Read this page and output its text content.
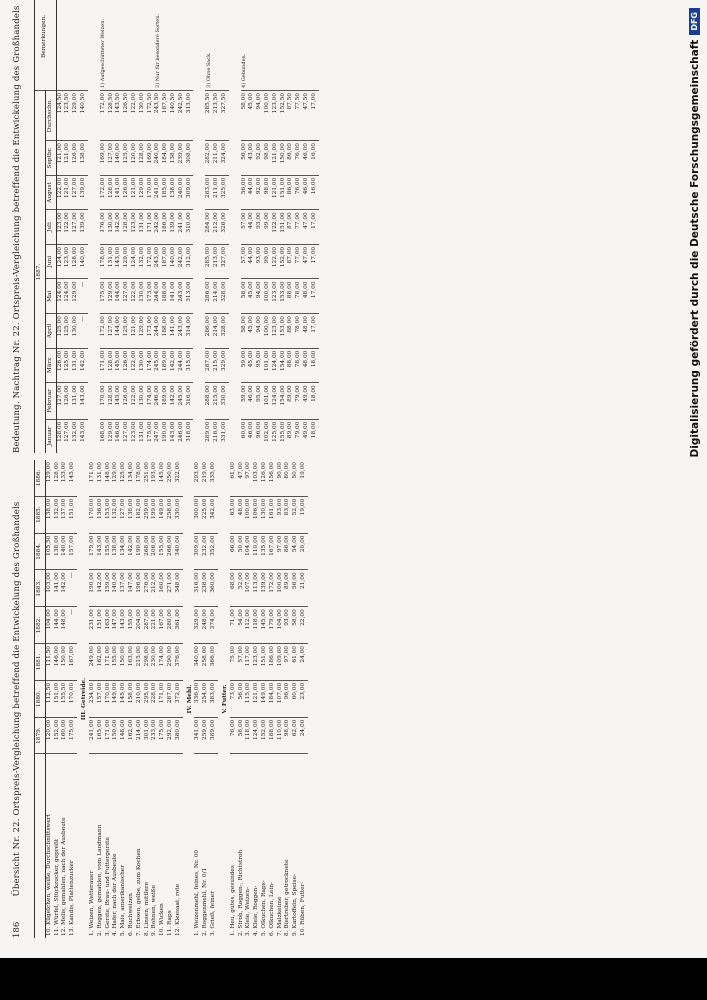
186
Übersicht Nr. 22. Ortspreis-Vergleichung betreffend die Entwickelung des Großhandels
	1879.	1880.	1881.	1882.	1883.	1884.	1885.	1886.
10. Kügelchen, weiße, Durchschnittswert	120,00	112,50	111,50	104,00	103,00	105,50	138,00	129,00
11. Würfel, Stückzucker, gepreßt	152,00	151,00	146,00	144,00	141,00	138,00	132,00	128,00
12. Melis, gemahlen, nach der Ausbeute	160,00	155,50	150,00	148,00	142,00	140,00	137,00	133,00
13. Kandis, Plattenzucker	175,00	170,00	167,00	—	—	157,00	151,00	145,00
III. Getreide.								
1. Weizen, Wetterauer	241,00	234,00	249,00	231,00	190,00	179,00	170,00	171,00
2. Roggen, gemahlen, vom Landmann	165,00	157,00	162,00	151,00	142,00	143,00	136,00	131,00
3. Gerste, Brau- und Futtergerste	171,00	170,00	171,00	163,00	159,00	155,00	153,00	148,00
4. Hafer, nach der Ausbeute	150,00	149,00	155,00	147,00	140,00	138,00	132,00	129,00
5. Mais, amerikanischer	148,00	145,00	150,00	143,00	137,00	134,00	127,00	125,00
6. Buchweizen	162,00	158,00	163,00	155,00	147,00	142,00	138,00	134,00
7. Erbsen, gelbe, zum Kochen	214,00	210,00	215,00	204,00	196,00	190,00	182,00	178,00
8. Linsen, mittlere	301,00	295,00	298,00	287,00	276,00	268,00	259,00	251,00
9. Bohnen, weiße	233,00	228,00	230,00	221,00	212,00	206,00	199,00	193,00
10. Wicken	175,00	171,00	174,00	167,00	160,00	155,00	149,00	145,00
11. Raps	292,00	287,00	290,00	280,00	271,00	266,00	258,00	250,00
12. Kleesaat, rote	380,00	372,00	376,00	361,00	348,00	340,00	330,00	322,00
IV. Mehl.								
1. Weizenmehl, feines, Nr. 00	341,00	336,00	340,00	329,00	316,00	309,00	300,00	293,00
2. Roggenmehl, Nr. 0/1	259,00	254,00	258,00	248,00	238,00	232,00	225,00	219,00
3. Grieß, feiner	389,00	383,00	386,00	374,00	360,00	352,00	342,00	335,00
V. Futter.								
1. Heu, gutes, gesundes	76,00	73,00	75,00	71,00	68,00	66,00	63,00	61,00
2. Stroh, Roggen-, Richtstroh	58,00	56,00	57,00	54,00	52,00	50,00	48,00	47,00
3. Kleie, Weizen-	118,00	115,00	117,00	112,00	107,00	104,00	100,00	97,00
4. Kleie, Roggen-	124,00	121,00	123,00	118,00	113,00	110,00	106,00	103,00
5. Ölkuchen, Raps-	152,00	149,00	151,00	145,00	139,00	135,00	130,00	126,00
6. Ölkuchen, Lein-	188,00	184,00	186,00	179,00	172,00	167,00	161,00	156,00
7. Malzkeime	110,00	107,00	109,00	104,00	100,00	97,00	93,00	90,00
8. Biertreber, getrocknete	98,00	96,00	97,00	93,00	89,00	86,00	83,00	80,00
9. Kartoffeln, Speise-	62,00	60,00	61,00	58,00	56,00	54,00	52,00	50,00
10. Rüben, Futter-	24,00	23,00	24,00	22,00	21,00	20,00	19,00	19,00
Bedeutung. Nachtrag Nr. 22. Ortspreis-Vergleichung betreffend die Entwickelung des Großhandels 1887.										Bemerkungen.
Januar	Februar	März	April	Mai	Juni	Juli	August	Septbr.	Durchschn.	
128,00	127,00	126,00	125,00	124,00	124,00	123,00	122,00	121,00	124,50	
127,00	126,00	125,00	125,00	124,00	123,00	122,00	121,00	121,00	123,50	
132,00	131,00	131,00	130,00	129,00	128,00	127,00	127,00	126,00	129,00	
143,00	143,00	142,00	—	—	140,00	139,00	139,00	138,00	140,50	

168,00	170,00	171,00	172,00	175,00	178,00	176,00	172,00	169,00	172,00	1) Aufgeschütteter Weizen.
129,00	128,00	128,00	127,00	129,00	131,00	130,00	128,00	127,00	128,50	
146,00	145,00	145,00	144,00	144,00	143,00	142,00	141,00	140,00	143,50	
127,00	126,00	126,00	125,00	127,00	129,00	128,00	126,00	125,00	126,50	
123,00	122,00	122,00	121,00	122,00	124,00	123,00	121,00	120,00	122,00	
131,00	130,00	130,00	129,00	130,00	132,00	131,00	129,00	128,00	130,00	
175,00	174,00	174,00	173,00	173,00	172,00	171,00	170,00	169,00	172,50	
247,00	246,00	245,00	244,00	244,00	243,00	242,00	241,00	240,00	243,50	2) Nur für besondere Sorten.
190,00	189,00	189,00	188,00	188,00	187,00	186,00	185,00	184,00	187,50	
143,00	142,00	142,00	141,00	141,00	140,00	139,00	138,00	138,00	140,50	
246,00	245,00	244,00	243,00	243,00	242,00	241,00	240,00	239,00	242,50	
318,00	316,00	315,00	314,00	313,00	312,00	310,00	309,00	308,00	313,00	

289,00	288,00	287,00	286,00	286,00	285,00	284,00	283,00	282,00	285,50	3) Ohne Sack.
216,00	215,00	215,00	214,00	214,00	213,00	212,00	211,00	211,00	213,50	
331,00	330,00	329,00	328,00	328,00	327,00	326,00	325,00	324,00	327,50	

60,00	59,00	59,00	58,00	58,00	57,00	57,00	56,00	56,00	58,00	4) Gebunden.
46,00	46,00	45,00	45,00	45,00	44,00	44,00	44,00	43,00	45,00	
96,00	95,00	95,00	94,00	94,00	93,00	93,00	92,00	92,00	94,00	
102,00	101,00	101,00	100,00	100,00	99,00	99,00	98,00	98,00	100,00	
125,00	124,00	124,00	123,00	123,00	122,00	122,00	121,00	121,00	123,00	
155,00	154,00	154,00	153,00	153,00	152,00	151,00	151,00	150,00	152,50	
89,00	89,00	88,00	88,00	88,00	87,00	87,00	86,00	86,00	87,50	
79,00	79,00	78,00	78,00	78,00	77,00	77,00	76,00	76,00	77,50	
49,00	49,00	48,00	48,00	48,00	47,00	47,00	46,00	46,00	47,50	
18,00	18,00	18,00	17,00	17,00	17,00	17,00	16,00	16,00	17,00		Digitalisierung gefördert durch die Deutsche Forschungsgemeinschaft
DFG
